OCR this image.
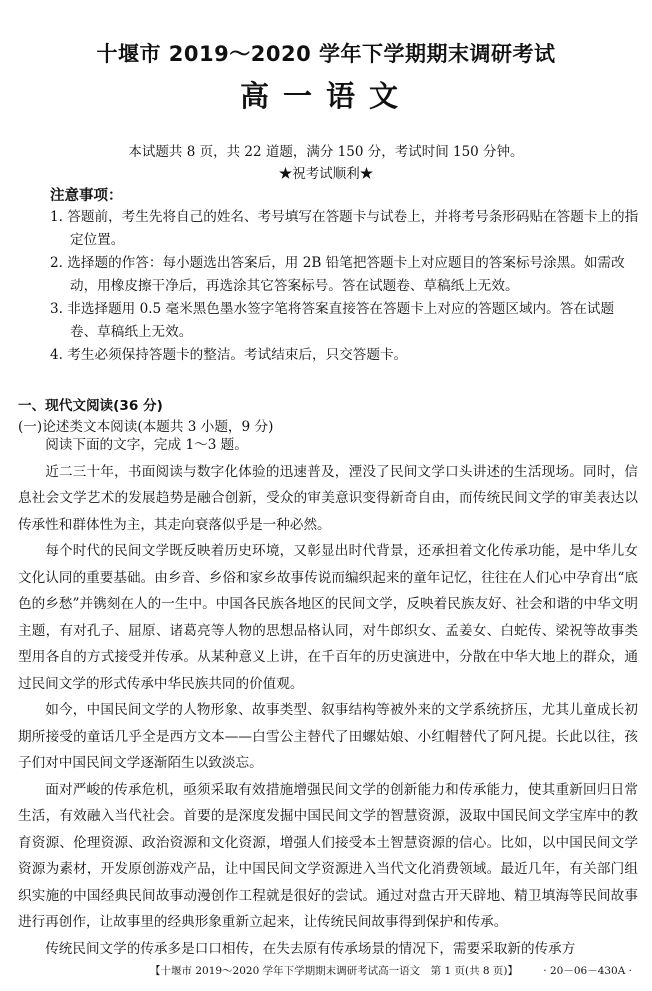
十堰市 2019～2020 学年下学期期末调研考试
高一语文
本试题共 8 页，共 22 道题，满分 150 分，考试时间 150 分钟。
★祝考试顺利★
注意事项：

1. 答题前，考生先将自己的姓名、考号填写在答题卡与试卷上，并将考号条形码贴在答题卡上的指定位置。

2. 选择题的作答：每小题选出答案后，用 2B 铅笔把答题卡上对应题目的答案标号涂黑。如需改动，用橡皮擦干净后，再选涂其它答案标号。答在试题卷、草稿纸上无效。

3. 非选择题用 0.5 毫米黑色墨水签字笔将答案直接答在答题卡上对应的答题区域内。答在试题卷、草稿纸上无效。

4. 考生必须保持答题卡的整洁。考试结束后，只交答题卡。

一、现代文阅读(36 分)
(一)论述类文本阅读(本题共 3 小题，9 分)

阅读下面的文字，完成 1～3 题。

近二三十年，书面阅读与数字化体验的迅速普及，湮没了民间文学口头讲述的生活现场。同时，信息社会文学艺术的发展趋势是融合创新，受众的审美意识变得新奇自由，而传统民间文学的审美表达以传承性和群体性为主，其走向衰落似乎是一种必然。

每个时代的民间文学既反映着历史环境，又彰显出时代背景，还承担着文化传承功能，是中华儿女文化认同的重要基础。由乡音、乡俗和家乡故事传说而编织起来的童年记忆，往往在人们心中孕育出“底色的乡愁”并镌刻在人的一生中。中国各民族各地区的民间文学，反映着民族友好、社会和谐的中华文明主题，有对孔子、屈原、诸葛亮等人物的思想品格认同，对牛郎织女、孟姜女、白蛇传、梁祝等故事类型用各自的方式接受并传承。从某种意义上讲，在千百年的历史演进中，分散在中华大地上的群众，通过民间文学的形式传承中华民族共同的价值观。

如今，中国民间文学的人物形象、故事类型、叙事结构等被外来的文学系统挤压，尤其儿童成长初期所接受的童话几乎全是西方文本——白雪公主替代了田螺姑娘、小红帽替代了阿凡提。长此以往，孩子们对中国民间文学逐渐陌生以致淡忘。

面对严峻的传承危机，亟须采取有效措施增强民间文学的创新能力和传承能力，使其重新回归日常生活，有效融入当代社会。首要的是深度发掘中国民间文学的智慧资源，汲取中国民间文学宝库中的教育资源、伦理资源、政治资源和文化资源，增强人们接受本土智慧资源的信心。比如，以中国民间文学资源为素材，开发原创游戏产品，让中国民间文学资源进入当代文化消费领域。最近几年，有关部门组织实施的中国经典民间故事动漫创作工程就是很好的尝试。通过对盘古开天辟地、精卫填海等民间故事进行再创作，让故事里的经典形象重新立起来，让传统民间故事得到保护和传承。

传统民间文学的传承多是口口相传，在失去原有传承场景的情况下，需要采取新的传承方

【十堰市 2019～2020 学年下学期期末调研考试高一语文　第 1 页(共 8 页)】 · 20－06－430A ·
